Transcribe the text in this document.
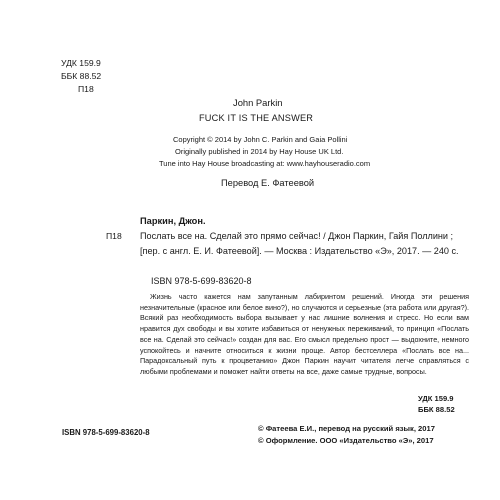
УДК 159.9
ББК 88.52
П18
John Parkin
FUCK IT IS THE ANSWER
Copyright © 2014 by John C. Parkin and Gaia Pollini
Originally published in 2014 by Hay House UK Ltd.
Tune into Hay House broadcasting at: www.hayhouseradio.com
Перевод Е. Фатеевой
П18
Паркин, Джон.
Послать все на. Сделай это прямо сейчас! / Джон Паркин, Гайя Поллини ; [пер. с англ. Е. И. Фатеевой]. — Москва : Издательство «Э», 2017. — 240 с.
ISBN 978-5-699-83620-8
Жизнь часто кажется нам запутанным лабиринтом решений. Иногда эти решения незначительные (красное или белое вино?), но случаются и серьезные (эта работа или другая?). Всякий раз необходимость выбора вызывает у нас лишние волнения и стресс. Но если вам нравится дух свободы и вы хотите избавиться от ненужных переживаний, то принцип «Послать все на. Сделай это сейчас!» создан для вас. Его смысл предельно прост — выдохните, немного успокойтесь и начните относиться к жизни проще. Автор бестселлера «Послать все на... Парадоксальный путь к процветанию» Джон Паркин научит читателя легче справляться с любыми проблемами и поможет найти ответы на все, даже самые трудные, вопросы.
УДК 159.9
ББК 88.52
ISBN 978-5-699-83620-8	© Фатеева Е.И., перевод на русский язык, 2017
© Оформление. ООО «Издательство «Э», 2017
